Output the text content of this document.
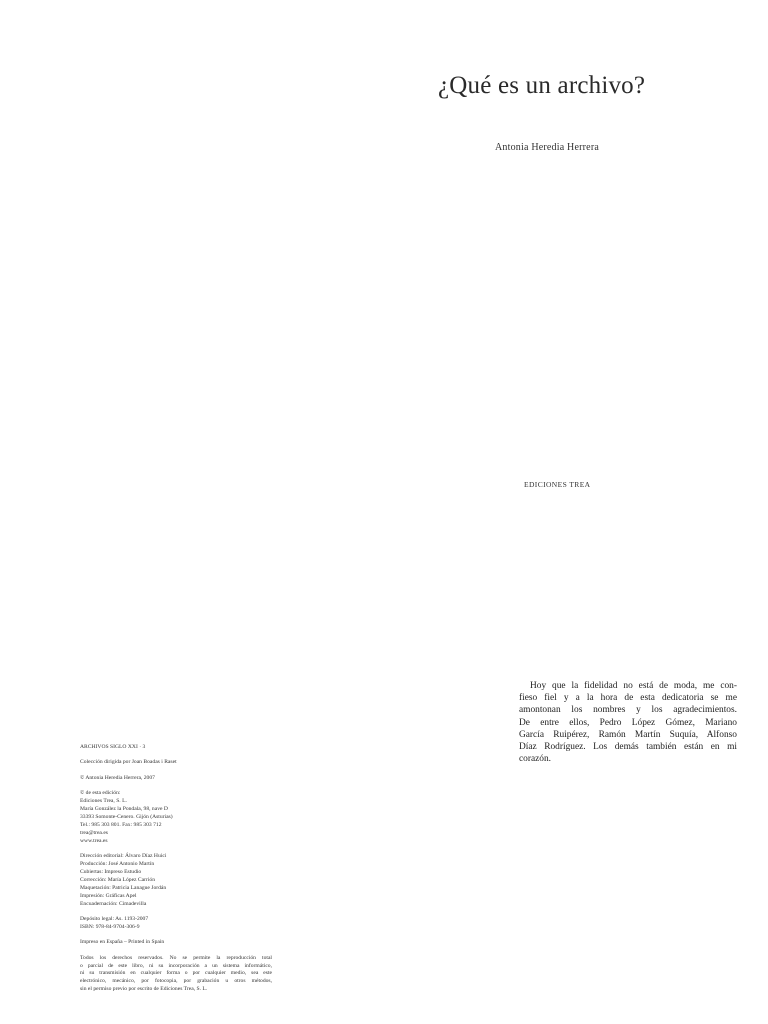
¿Qué es un archivo?
Antonia Heredia Herrera
EDICIONES TREA
Hoy que la fidelidad no está de moda, me con-
fieso fiel y a la hora de esta dedicatoria se me
amontonan los nombres y los agradecimientos.
De entre ellos, Pedro López Gómez, Mariano
García Ruipérez, Ramón Martín Suquía, Alfonso
Díaz Rodríguez. Los demás también están en mi
corazón.
ARCHIVOS SIGLO XXI · 3
Colección dirigida por Joan Boadas i Raset
© Antonia Heredia Herrera, 2007
© de esta edición:
Ediciones Trea, S. L.
María González la Pondala, 98, nave D
33393 Somonte-Cenero. Gijón (Asturias)
Tel.: 985 303 801. Fax: 985 303 712
trea@trea.es
www.trea.es
Dirección editorial: Álvaro Díaz Huici
Producción: José Antonio Martín
Cubiertas: Impreso Estudio
Corrección: María López Carrión
Maquetación: Patricia Lanague Jordán
Impresión: Gráficas Apel
Encuadernación: Cimadevilla
Depósito legal: As. 1193-2007
ISBN: 978-84-9704-306-9
Impreso en España – Printed in Spain
Todos los derechos reservados. No se permite la reproducción total
o parcial de este libro, ni su incorporación a un sistema informático,
ni su transmisión en cualquier forma o por cualquier medio, sea este
electrónico, mecánico, por fotocopia, por grabación u otros métodos,
sin el permiso previo por escrito de Ediciones Trea, S. L.
